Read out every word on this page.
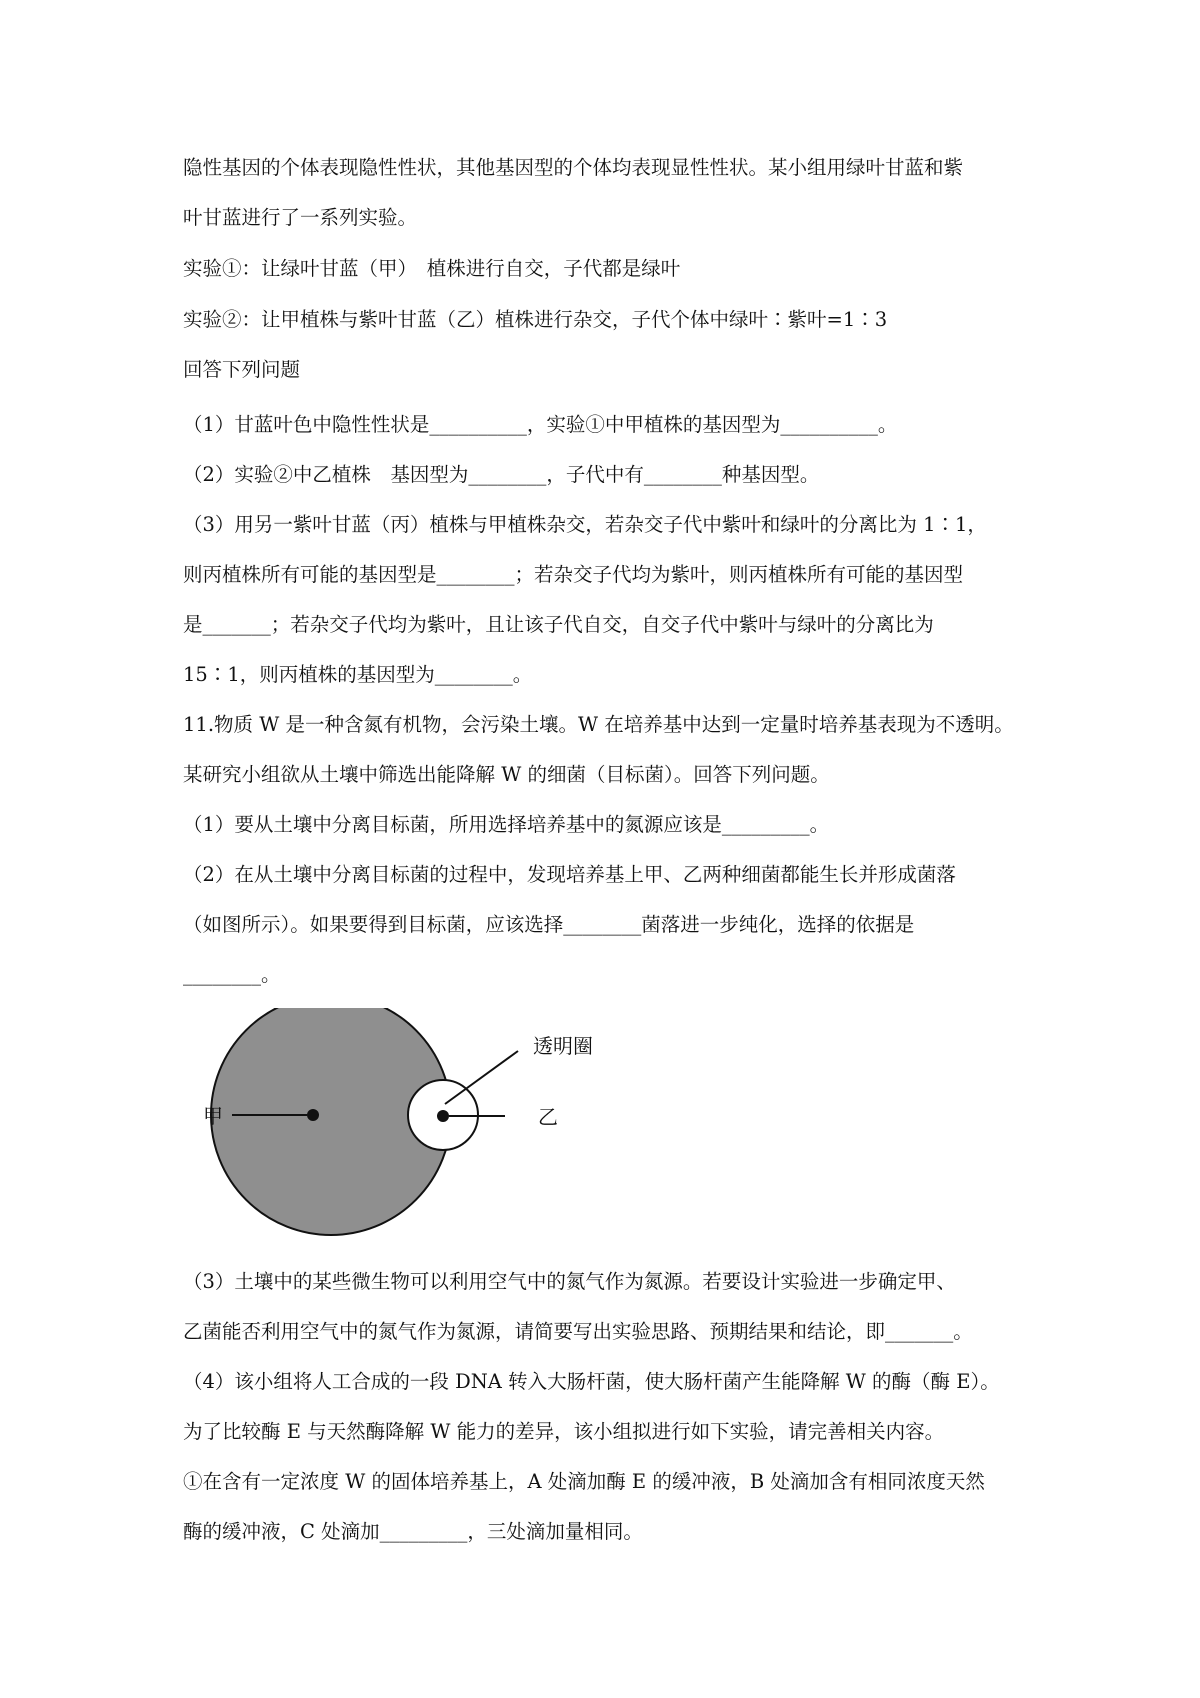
隐性基因的个体表现隐性性状，其他基因型的个体均表现显性性状。某小组用绿叶甘蓝和紫
叶甘蓝进行了一系列实验。
实验①：让绿叶甘蓝（甲）　植株进行自交，子代都是绿叶
实验②：让甲植株与紫叶甘蓝（乙）植株进行杂交，子代个体中绿叶∶紫叶=1∶3
回答下列问题
（1）甘蓝叶色中隐性性状是__________，实验①中甲植株的基因型为__________。
（2）实验②中乙植株　基因型为________，子代中有________种基因型。
（3）用另一紫叶甘蓝（丙）植株与甲植株杂交，若杂交子代中紫叶和绿叶的分离比为 1∶1，
则丙植株所有可能的基因型是________；若杂交子代均为紫叶，则丙植株所有可能的基因型
是_______；若杂交子代均为紫叶，且让该子代自交，自交子代中紫叶与绿叶的分离比为
15∶1，则丙植株的基因型为________。
11.物质 W 是一种含氮有机物，会污染土壤。W 在培养基中达到一定量时培养基表现为不透明。
某研究小组欲从土壤中筛选出能降解 W 的细菌（目标菌）。回答下列问题。
（1）要从土壤中分离目标菌，所用选择培养基中的氮源应该是_________。
（2）在从土壤中分离目标菌的过程中，发现培养基上甲、乙两种细菌都能生长并形成菌落
（如图所示）。如果要得到目标菌，应该选择________菌落进一步纯化，选择的依据是
________。
甲	乙
透明圈
（3）土壤中的某些微生物可以利用空气中的氮气作为氮源。若要设计实验进一步确定甲、
乙菌能否利用空气中的氮气作为氮源，请简要写出实验思路、预期结果和结论，即_______。
（4）该小组将人工合成的一段 DNA 转入大肠杆菌，使大肠杆菌产生能降解 W 的酶（酶 E）。
为了比较酶 E 与天然酶降解 W 能力的差异，该小组拟进行如下实验，请完善相关内容。
①在含有一定浓度 W 的固体培养基上，A 处滴加酶 E 的缓冲液，B 处滴加含有相同浓度天然
酶的缓冲液，C 处滴加_________，三处滴加量相同。
